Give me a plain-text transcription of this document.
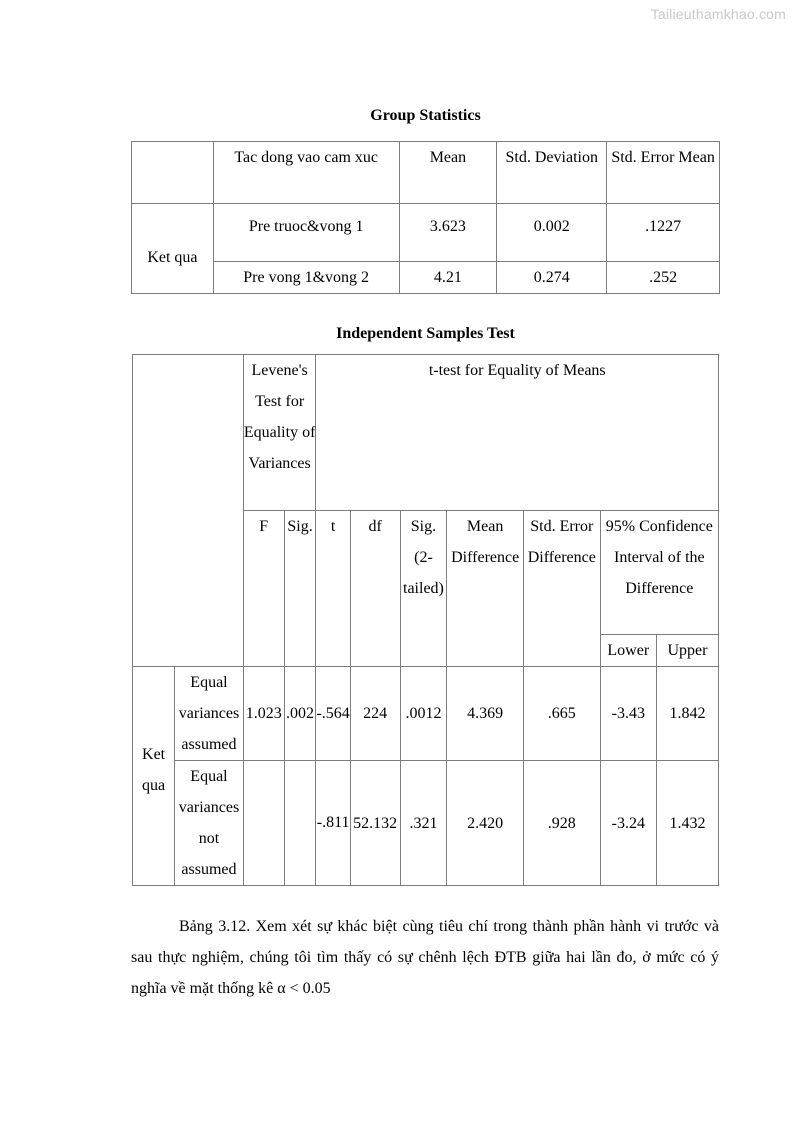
Tailieuthamkhao.com
Group Statistics
	Tac dong vao cam xuc	Mean	Std. Deviation	Std. Error Mean
Ket qua	Pre truoc&vong 1	3.623	0.002	.1227
	Pre vong 1&vong 2	4.21	0.274	.252
Independent Samples Test
		Levene's Test for Equality of Variances		t-test for Equality of Means						
		F	Sig.	t	df	Sig. (2-tailed)	Mean Difference	Std. Error Difference	95% Confidence Interval of the Difference	
									Lower	Upper
Ket qua	Equal variances assumed	1.023	.002	-.564	224	.0012	4.369	.665	-3.43	1.842
	Equal variances not assumed			-.811	52.132	.321	2.420	.928	-3.24	1.432

Bảng 3.12. Xem xét sự khác biệt cùng tiêu chí trong thành phần hành vi trước và sau thực nghiệm, chúng tôi tìm thấy có sự chênh lệch ĐTB giữa hai lần đo, ở mức có ý nghĩa về mặt thống kê α < 0.05
